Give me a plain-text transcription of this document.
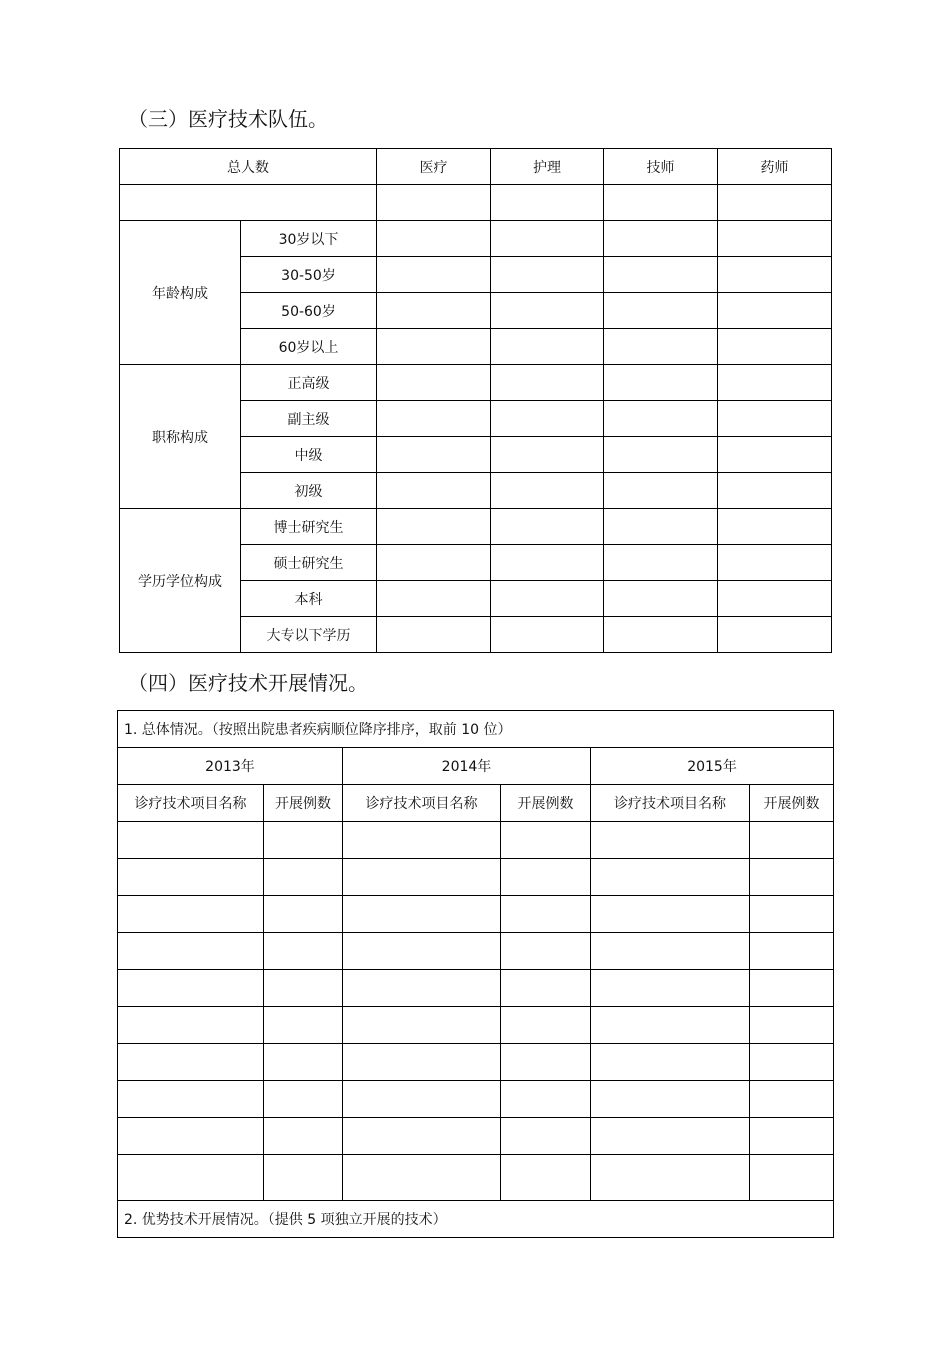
（三）医疗技术队伍。
总人数		医疗	护理	技师	药师

年龄构成	30岁以下				
	30-50岁				
	50-60岁				
	60岁以上				
职称构成	正高级				
	副主级				
	中级				
	初级				
学历学位构成	博士研究生				
	硕士研究生				
	本科				
	大专以下学历				
（四）医疗技术开展情况。
1. 总体情况。（按照出院患者疾病顺位降序排序，取前 10 位）					
2013年		2014年		2015年	
诊疗技术项目名称	开展例数	诊疗技术项目名称	开展例数	诊疗技术项目名称	开展例数

2. 优势技术开展情况。（提供 5 项独立开展的技术）					
